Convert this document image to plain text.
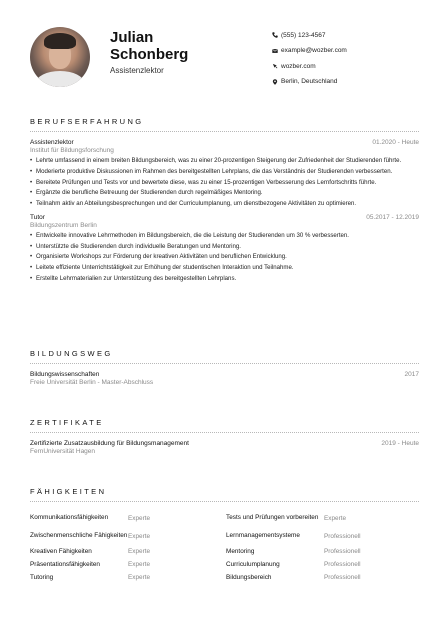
Julian Schonberg
Assistenzlektor
(555) 123-4567
example@wozber.com
wozber.com
Berlin, Deutschland
BERUFSERFAHRUNG
Assistenzlektor	01.2020 - Heute
Institut für Bildungsforschung
• Lehrte umfassend in einem breiten Bildungsbereich, was zu einer 20-prozentigen Steigerung der Zufriedenheit der Studierenden führte.
• Moderierte produktive Diskussionen im Rahmen des bereitgestellten Lehrplans, die das Verständnis der Studierenden verbesserten.
• Bereitete Prüfungen und Tests vor und bewertete diese, was zu einer 15-prozentigen Verbesserung des Lernfortschritts führte.
• Ergänzte die berufliche Betreuung der Studierenden durch regelmäßiges Mentoring.
• Teilnahm aktiv an Abteilungsbesprechungen und der Curriculumplanung, um dienstbezogene Aktivitäten zu optimieren.
Tutor	05.2017 - 12.2019
Bildungszentrum Berlin
• Entwickelte innovative Lehrmethoden im Bildungsbereich, die die Leistung der Studierenden um 30 % verbesserten.
• Unterstützte die Studierenden durch individuelle Beratungen und Mentoring.
• Organisierte Workshops zur Förderung der kreativen Aktivitäten und beruflichen Entwicklung.
• Leitete effiziente Unterrichtstätigkeit zur Erhöhung der studentischen Interaktion und Teilnahme.
• Erstellte Lehrmaterialien zur Unterstützung des bereitgestellten Lehrplans.
BILDUNGSWEG
Bildungswissenschaften	2017
Freie Universität Berlin - Master-Abschluss
ZERTIFIKATE
Zertifizierte Zusatzausbildung für Bildungsmanagement	2019 - Heute
FernUniversität Hagen
FÄHIGKEITEN
Kommunikationsfähigkeiten	Experte	Tests und Prüfungen vorbereiten Experte
Zwischenmenschliche Fähigkeiten Experte	Lernmanagementsysteme	Professionell
Kreativen Fähigkeiten	Experte	Mentoring	Professionell
Präsentationsfähigkeiten	Experte	Curriculumplanung	Professionell
Tutoring	Experte	Bildungsbereich	Professionell
